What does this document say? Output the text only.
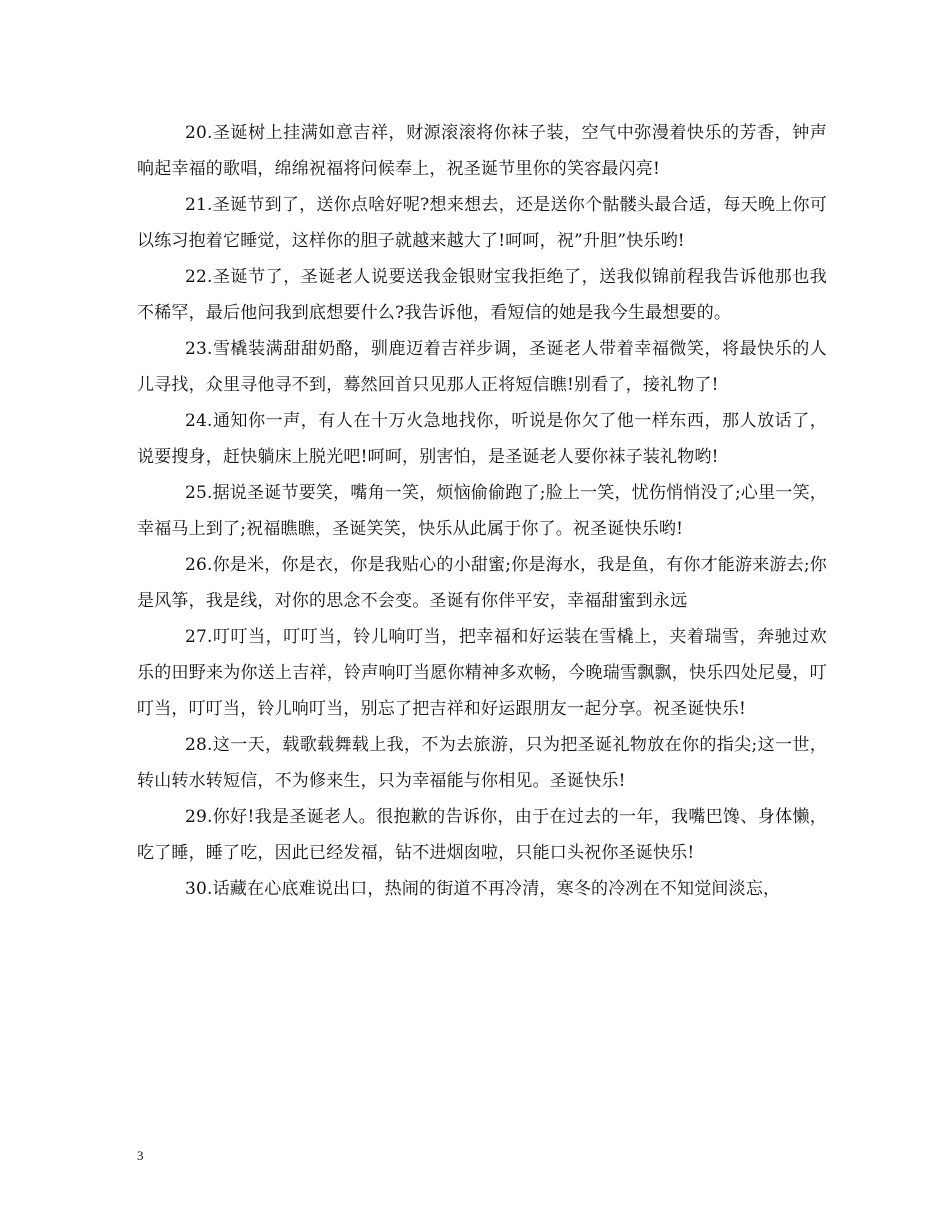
20.圣诞树上挂满如意吉祥，财源滚滚将你袜子装，空气中弥漫着快乐的芳香，钟声响起幸福的歌唱，绵绵祝福将问候奉上，祝圣诞节里你的笑容最闪亮!

21.圣诞节到了，送你点啥好呢?想来想去，还是送你个骷髅头最合适，每天晚上你可以练习抱着它睡觉，这样你的胆子就越来越大了!呵呵，祝”升胆”快乐哟!

22.圣诞节了，圣诞老人说要送我金银财宝我拒绝了，送我似锦前程我告诉他那也我不稀罕，最后他问我到底想要什么?我告诉他，看短信的她是我今生最想要的。

23.雪橇装满甜甜奶酪，驯鹿迈着吉祥步调，圣诞老人带着幸福微笑，将最快乐的人儿寻找，众里寻他寻不到，蓦然回首只见那人正将短信瞧!别看了，接礼物了!

24.通知你一声，有人在十万火急地找你，听说是你欠了他一样东西，那人放话了，说要搜身，赶快躺床上脱光吧!呵呵，别害怕，是圣诞老人要你袜子装礼物哟!

25.据说圣诞节要笑，嘴角一笑，烦恼偷偷跑了;脸上一笑，忧伤悄悄没了;心里一笑，幸福马上到了;祝福瞧瞧，圣诞笑笑，快乐从此属于你了。祝圣诞快乐哟!

26.你是米，你是衣，你是我贴心的小甜蜜;你是海水，我是鱼，有你才能游来游去;你是风筝，我是线，对你的思念不会变。圣诞有你伴平安，幸福甜蜜到永远

27.叮叮当，叮叮当，铃儿响叮当，把幸福和好运装在雪橇上，夹着瑞雪，奔驰过欢乐的田野来为你送上吉祥，铃声响叮当愿你精神多欢畅，今晚瑞雪飘飘，快乐四处尼曼，叮叮当，叮叮当，铃儿响叮当，别忘了把吉祥和好运跟朋友一起分享。祝圣诞快乐!

28.这一天，载歌载舞载上我，不为去旅游，只为把圣诞礼物放在你的指尖;这一世，转山转水转短信，不为修来生，只为幸福能与你相见。圣诞快乐!

29.你好!我是圣诞老人。很抱歉的告诉你，由于在过去的一年，我嘴巴馋、身体懒，吃了睡，睡了吃，因此已经发福，钻不进烟囱啦，只能口头祝你圣诞快乐!

30.话藏在心底难说出口，热闹的街道不再冷清，寒冬的冷冽在不知觉间淡忘，

3
